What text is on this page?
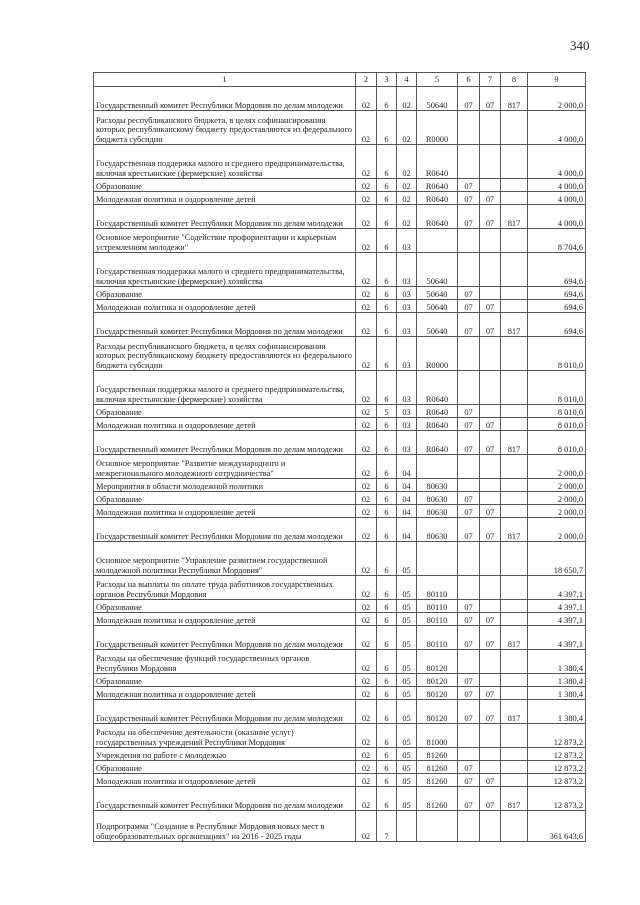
340
1	2	3	4	5	6	7	8	9
Государственный комитет Республики Мордовия по делам молодежи	02	6	02	50640	07	07	817	2 000,0
Расходы республиканского бюджета, в целях софинансирования которых республиканскому бюджету предоставляются из федерального бюджета субсидии	02	6	02	R0000				4 000,0
Государственная поддержка малого и среднего предпринимательства, включая крестьянские (фермерские) хозяйства	02	6	02	R0640				4 000,0
Образование	02	6	02	R0640	07			4 000,0
Молодежная политика и оздоровление детей	02	6	02	R0640	07	07		4 000,0
Государственный комитет Республики Мордовия по делам молодежи	02	6	02	R0640	07	07	817	4 000,0
Основное мероприятие "Содействие профориентации и карьерным устремлениям молодежи"	02	6	03					8 704,6
Государственная поддержка малого и среднего предпринимательства, включая крестьянские (фермерские) хозяйства	02	6	03	50640				694,6
Образование	02	6	03	50640	07			694,6
Молодежная политика и оздоровление детей	02	6	03	50640	07	07		694,6
Государственный комитет Республики Мордовия по делам молодежи	02	6	03	50640	07	07	817	694,6
Расходы республиканского бюджета, в целях софинансирования которых республиканскому бюджету предоставляются из федерального бюджета субсидии	02	6	03	R0000				8 010,0
Государственная поддержка малого и среднего предпринимательства, включая крестьянские (фермерские) хозяйства	02	6	03	R0640				8 010,0
Образование	02	5	03	R0640	07			8 010,0
Молодежная политика и оздоровление детей	02	6	03	R0640	07	07		8 010,0
Государственный комитет Республики Мордовия по делам молодежи	02	6	03	R0640	07	07	817	8 010,0
Основное мероприятие "Развитие международного и межрегионального молодежного сотрудничества"	02	6	04					2 000,0
Мероприятия в области молодежной политики	02	6	04	80630				2 000,0
Образование	02	6	04	80630	07			2 000,0
Молодежная политика и оздоровление детей	02	6	04	80630	07	07		2 000,0
Государственный комитет Республики Мордовия по делам молодежи	02	6	04	80630	07	07	817	2 000,0
Основное мероприятие "Управление развитием государственной молодежной политики Республики Мордовия"	02	6	05					18 650,7
Расходы на выплаты по оплате труда работников государственных органов Республики Мордовия	02	6	05	80110				4 397,1
Образование	02	6	05	80110	07			4 397,1
Молодежная политика и оздоровление детей	02	6	05	80110	07	07		4 397,1
Государственный комитет Республики Мордовия по делам молодежи	02	6	05	80110	07	07	817	4 397,1
Расходы на обеспечение функций государственных органов Республики Мордовия	02	6	05	80120				1 380,4
Образование	02	6	05	80120	07			1 380,4
Молодежная политика и оздоровление детей	02	6	05	80120	07	07		1 380,4
Государственный комитет Республики Мордовия по делам молодежи	02	6	05	80120	07	07	817	1 380,4
Расходы на обеспечение деятельности (оказание услуг) государственных учреждений Республики Мордовия	02	6	05	81000				12 873,2
Учреждения по работе с молодежью	02	6	05	81260				12 873,2
Образование	02	6	05	81260	07			12 873,2
Молодежная политика и оздоровление детей	02	6	05	81260	07	07		12 873,2
Государственный комитет Республики Мордовия по делам молодежи	02	6	05	81260	07	07	817	12 873,2
Подпрограмма "Создание в Республике Мордовия новых мест в общеобразовательных организациях" на 2016 - 2025 годы	02	7						361 643,6
